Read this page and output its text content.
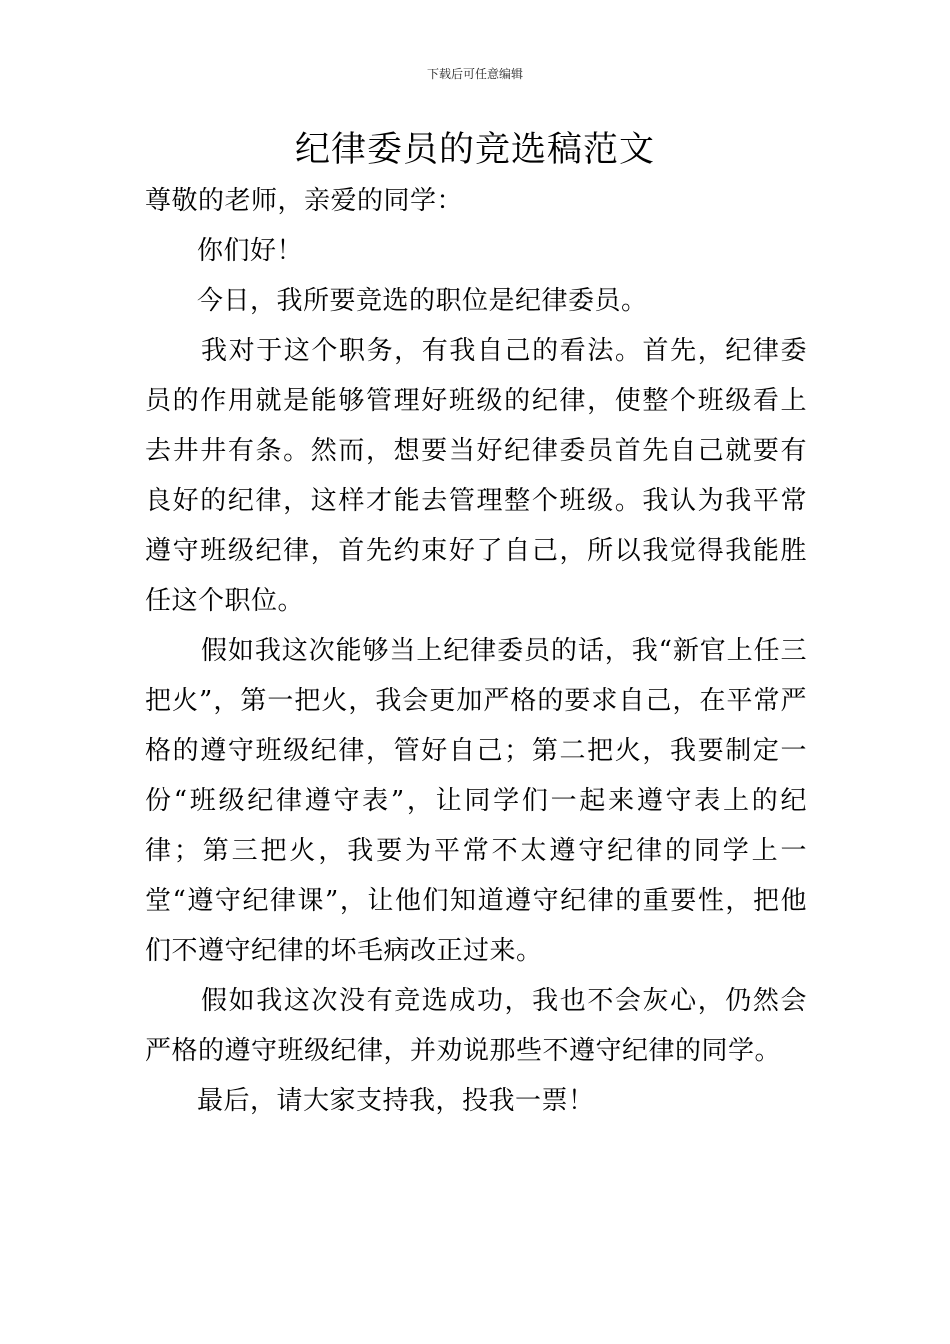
下载后可任意编辑
纪律委员的竞选稿范文

尊敬的老师，亲爱的同学：

你们好！

今日，我所要竞选的职位是纪律委员。

我对于这个职务，有我自己的看法。首先，纪律委员的作用就是能够管理好班级的纪律，使整个班级看上去井井有条。然而，想要当好纪律委员首先自己就要有良好的纪律，这样才能去管理整个班级。我认为我平常遵守班级纪律，首先约束好了自己，所以我觉得我能胜任这个职位。

假如我这次能够当上纪律委员的话，我“新官上任三把火”，第一把火，我会更加严格的要求自己，在平常严格的遵守班级纪律，管好自己；第二把火，我要制定一份“班级纪律遵守表”，让同学们一起来遵守表上的纪律；第三把火，我要为平常不太遵守纪律的同学上一堂“遵守纪律课”，让他们知道遵守纪律的重要性，把他们不遵守纪律的坏毛病改正过来。

假如我这次没有竞选成功，我也不会灰心，仍然会严格的遵守班级纪律，并劝说那些不遵守纪律的同学。

最后，请大家支持我，投我一票！
